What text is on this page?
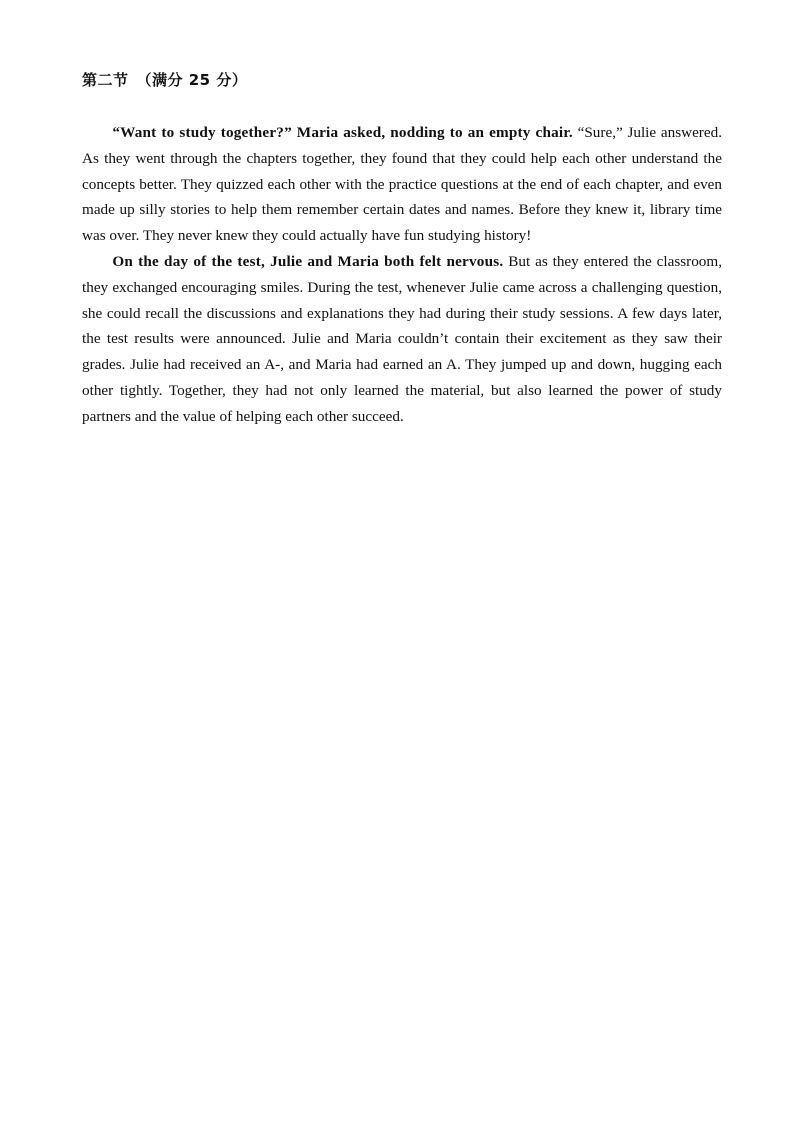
第二节 （满分 25 分）

“Want to study together?” Maria asked, nodding to an empty chair. “Sure,” Julie answered. As they went through the chapters together, they found that they could help each other understand the concepts better. They quizzed each other with the practice questions at the end of each chapter, and even made up silly stories to help them remember certain dates and names. Before they knew it, library time was over. They never knew they could actually have fun studying history!

On the day of the test, Julie and Maria both felt nervous. But as they entered the classroom, they exchanged encouraging smiles. During the test, whenever Julie came across a challenging question, she could recall the discussions and explanations they had during their study sessions. A few days later, the test results were announced. Julie and Maria couldn’t contain their excitement as they saw their grades. Julie had received an A-, and Maria had earned an A. They jumped up and down, hugging each other tightly. Together, they had not only learned the material, but also learned the power of study partners and the value of helping each other succeed.
